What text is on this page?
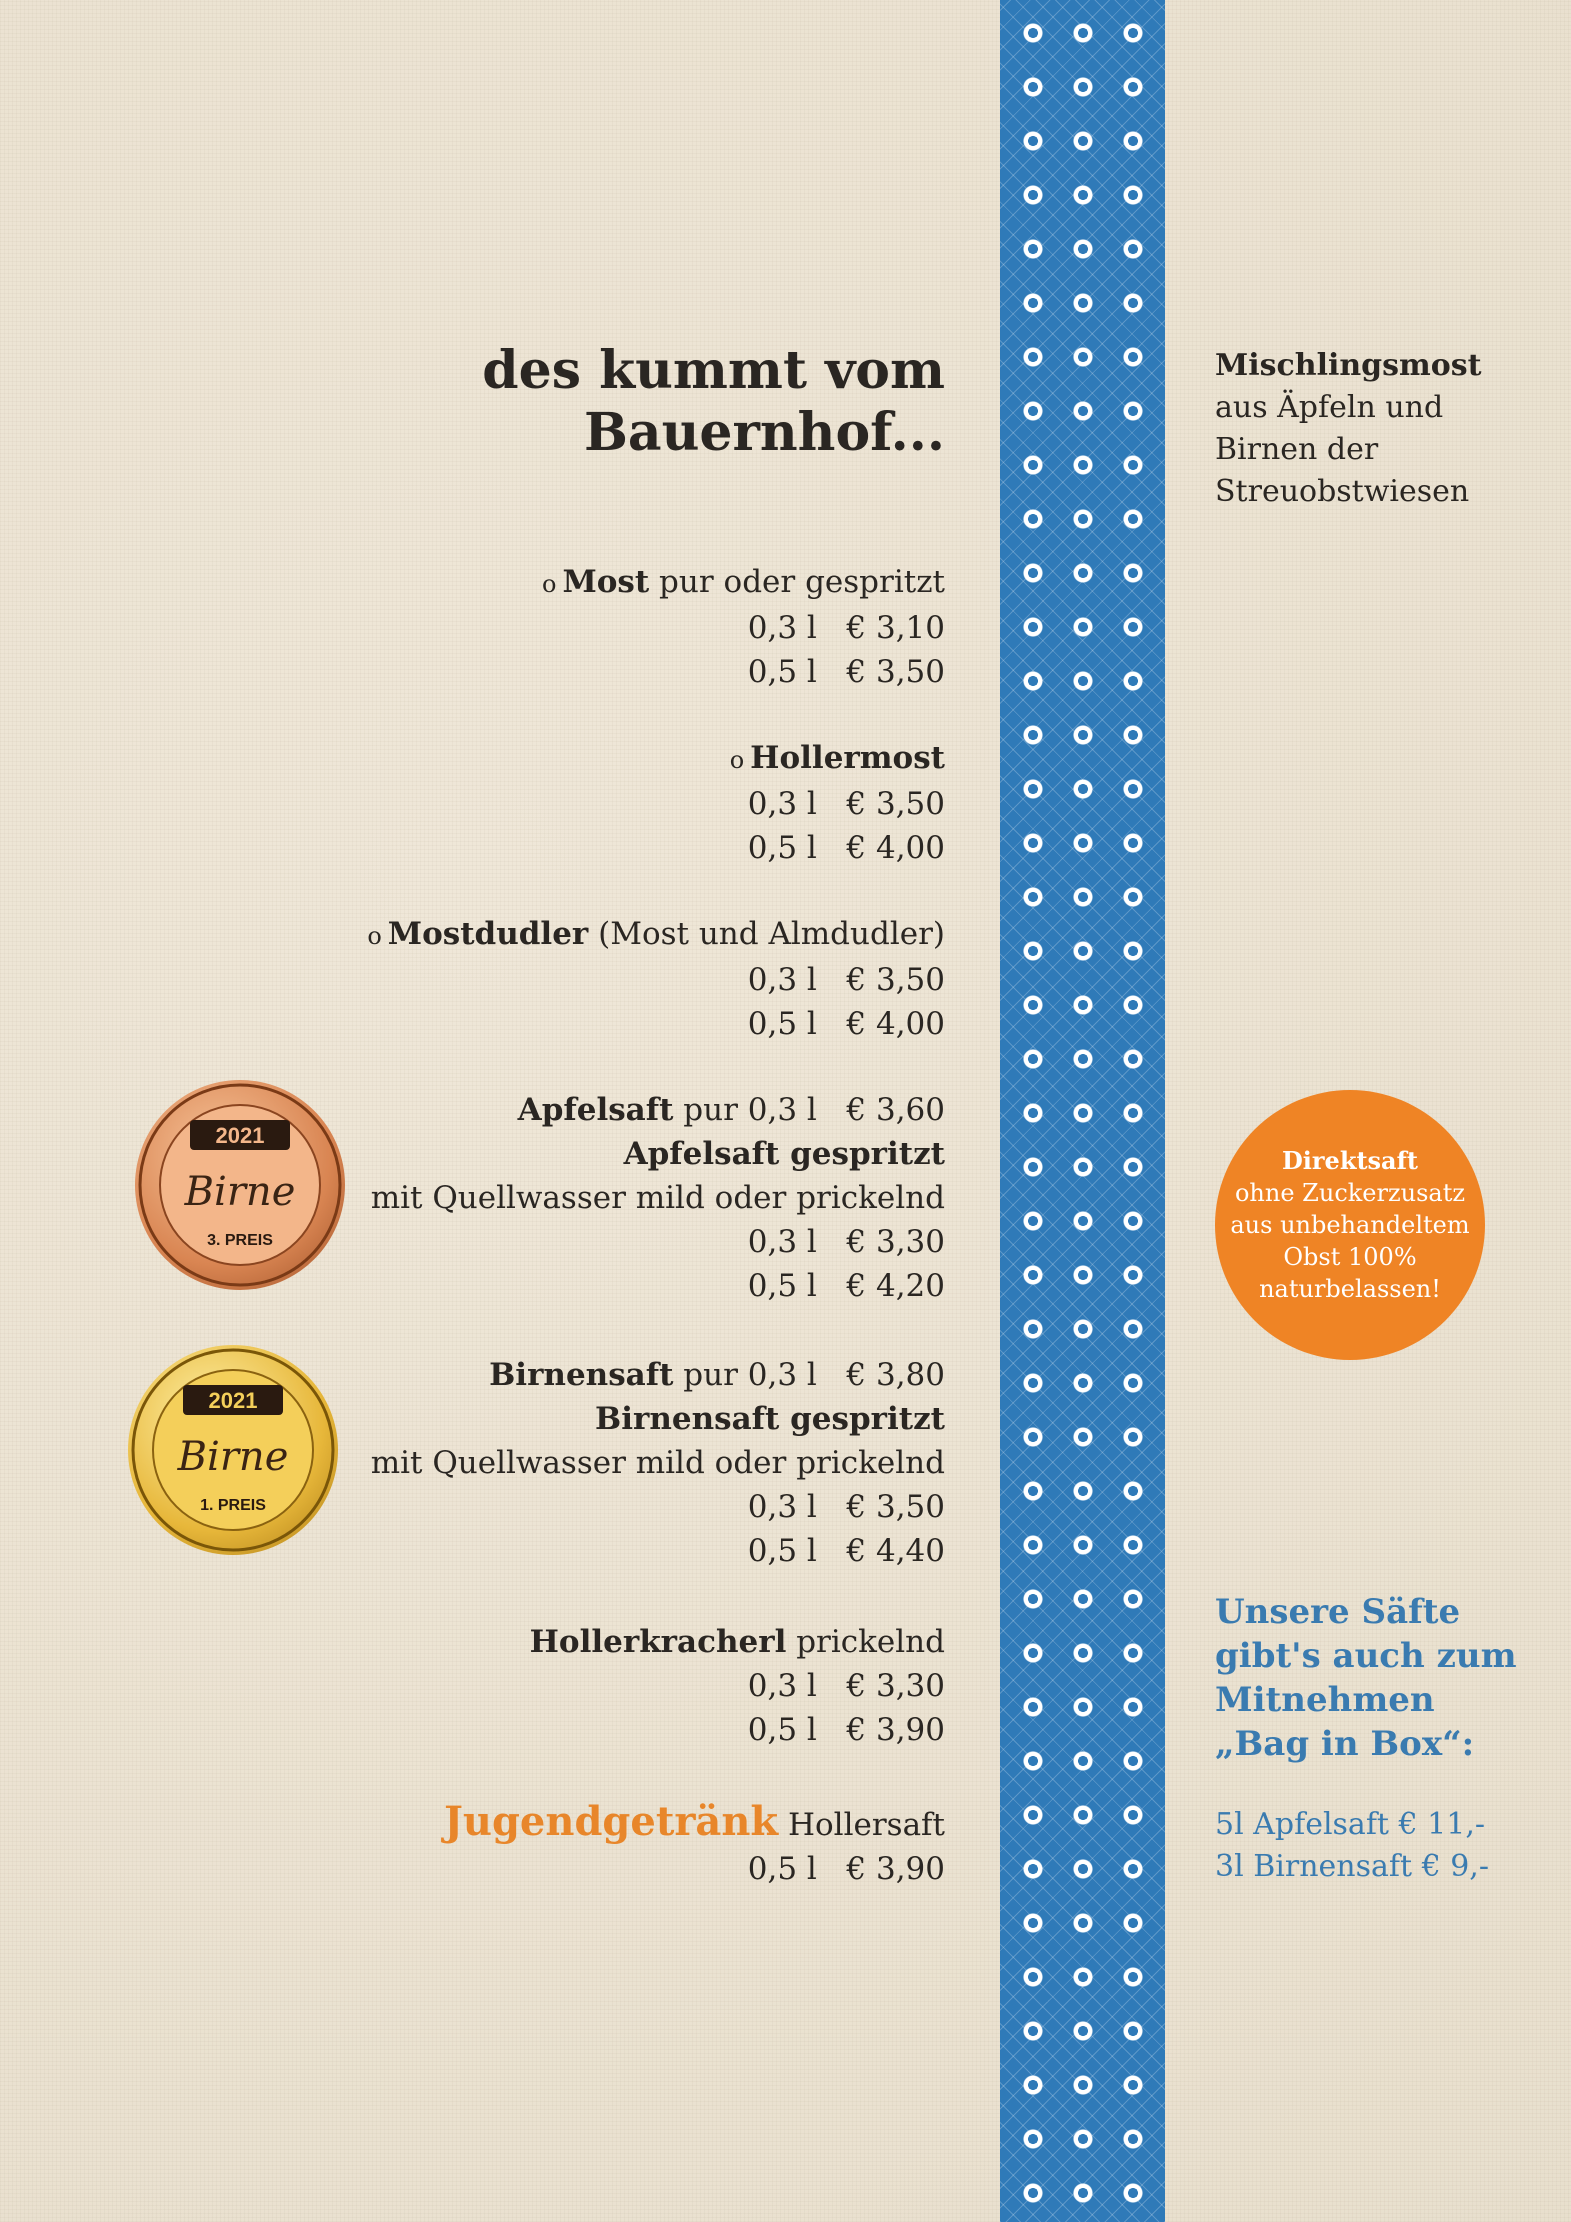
des kummt vom
Bauernhof...
o Most pur oder gespritzt
0,3 l   € 3,10
0,5 l   € 3,50
o Hollermost
0,3 l   € 3,50
0,5 l   € 4,00
o Mostdudler (Most und Almdudler)
0,3 l   € 3,50
0,5 l   € 4,00
Apfelsaft pur 0,3 l   € 3,60
Apfelsaft gespritzt
mit Quellwasser mild oder prickelnd
0,3 l   € 3,30
0,5 l   € 4,20
Birnensaft pur 0,3 l   € 3,80
Birnensaft gespritzt
mit Quellwasser mild oder prickelnd
0,3 l   € 3,50
0,5 l   € 4,40
Hollerkracherl prickelnd
0,3 l   € 3,30
0,5 l   € 3,90
Jugendgetränk Hollersaft
0,5 l   € 3,90
Mischlingsmost
aus Äpfeln und
Birnen der
Streuobstwiesen
Direktsaft
ohne Zuckerzusatz
aus unbehandeltem
Obst 100%
naturbelassen!
Unsere Säfte
gibt's auch zum
Mitnehmen
„Bag in Box“:
5l Apfelsaft € 11,-
3l Birnensaft € 9,-
2021
Birne
3. PREIS
2021
Birne
1. PREIS
